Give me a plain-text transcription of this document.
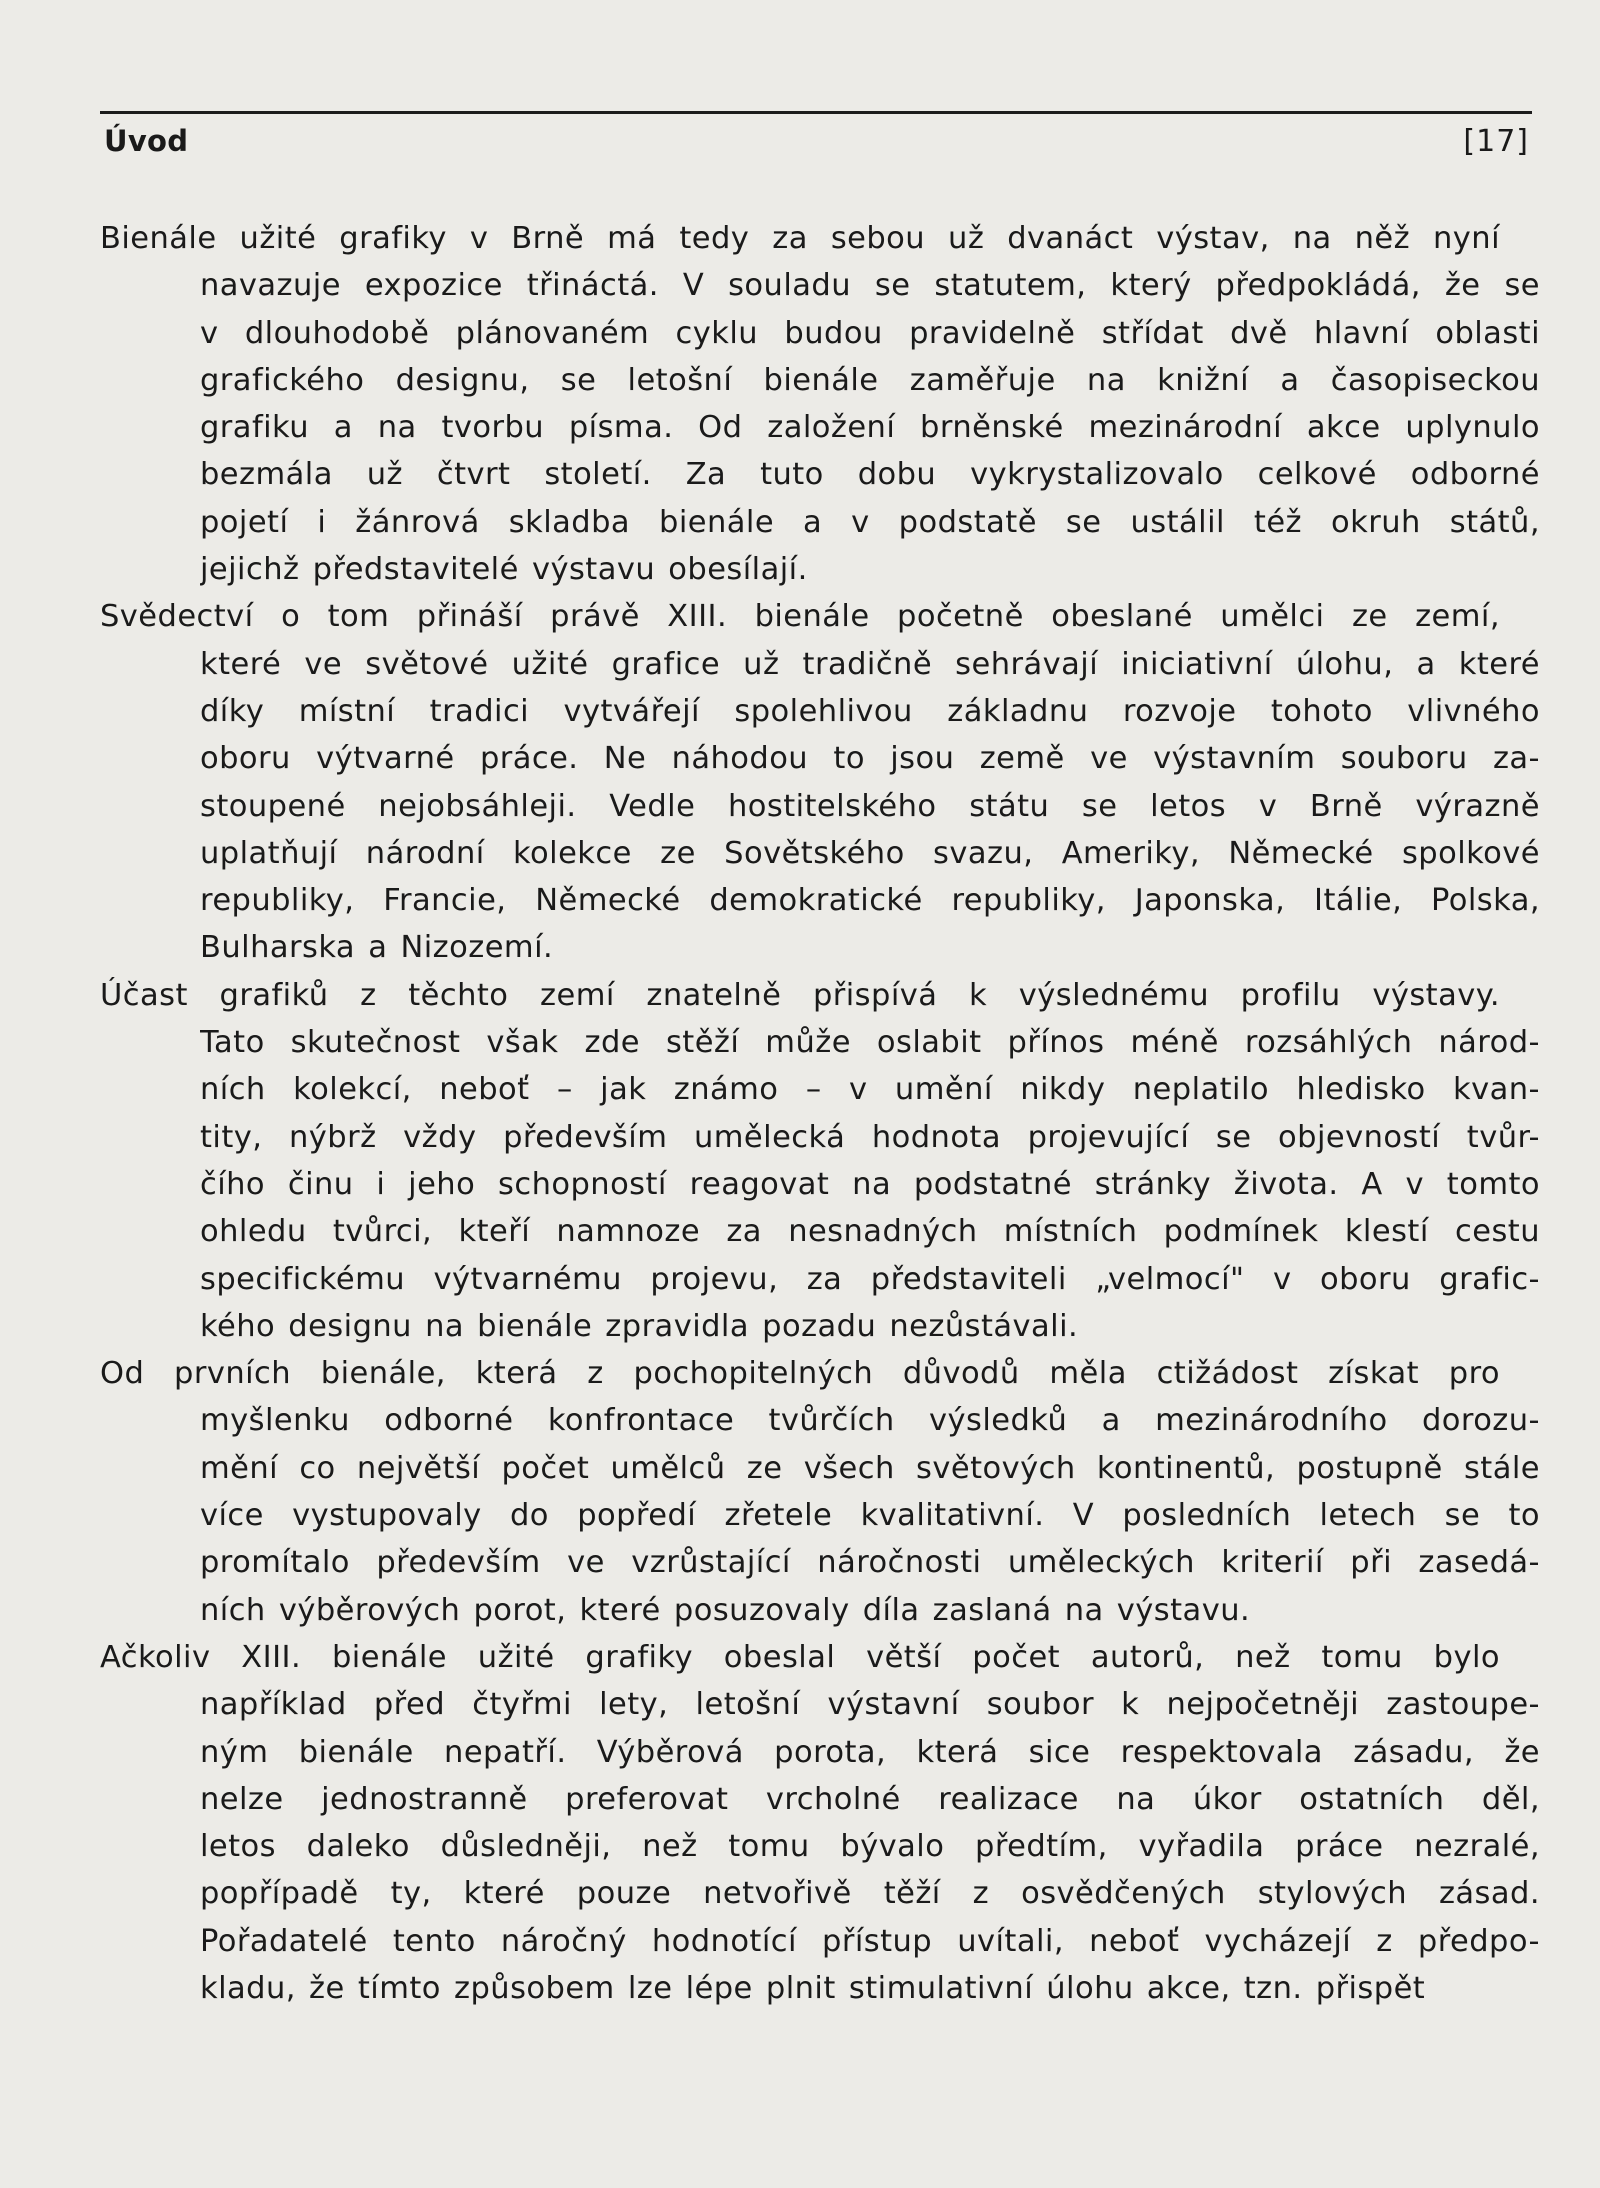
Úvod	[17]
Bienále užité grafiky v Brně má tedy za sebou už dvanáct výstav, na něž nyní
navazuje expozice třináctá. V souladu se statutem, který předpokládá, že se
v dlouhodobě plánovaném cyklu budou pravidelně střídat dvě hlavní oblasti
grafického designu, se letošní bienále zaměřuje na knižní a časopiseckou
grafiku a na tvorbu písma. Od založení brněnské mezinárodní akce uplynulo
bezmála už čtvrt století. Za tuto dobu vykrystalizovalo celkové odborné
pojetí i žánrová skladba bienále a v podstatě se ustálil též okruh států,
jejichž představitelé výstavu obesílají.
Svědectví o tom přináší právě XIII. bienále početně obeslané umělci ze zemí,
které ve světové užité grafice už tradičně sehrávají iniciativní úlohu, a které
díky místní tradici vytvářejí spolehlivou základnu rozvoje tohoto vlivného
oboru výtvarné práce. Ne náhodou to jsou země ve výstavním souboru za-
stoupené nejobsáhleji. Vedle hostitelského státu se letos v Brně výrazně
uplatňují národní kolekce ze Sovětského svazu, Ameriky, Německé spolkové
republiky, Francie, Německé demokratické republiky, Japonska, Itálie, Polska,
Bulharska a Nizozemí.
Účast grafiků z těchto zemí znatelně přispívá k výslednému profilu výstavy.
Tato skutečnost však zde stěží může oslabit přínos méně rozsáhlých národ-
ních kolekcí, neboť – jak známo – v umění nikdy neplatilo hledisko kvan-
tity, nýbrž vždy především umělecká hodnota projevující se objevností tvůr-
čího činu i jeho schopností reagovat na podstatné stránky života. A v tomto
ohledu tvůrci, kteří namnoze za nesnadných místních podmínek klestí cestu
specifickému výtvarnému projevu, za představiteli „velmocí" v oboru grafic-
kého designu na bienále zpravidla pozadu nezůstávali.
Od prvních bienále, která z pochopitelných důvodů měla ctižádost získat pro
myšlenku odborné konfrontace tvůrčích výsledků a mezinárodního dorozu-
mění co největší počet umělců ze všech světových kontinentů, postupně stále
více vystupovaly do popředí zřetele kvalitativní. V posledních letech se to
promítalo především ve vzrůstající náročnosti uměleckých kriterií při zasedá-
ních výběrových porot, které posuzovaly díla zaslaná na výstavu.
Ačkoliv XIII. bienále užité grafiky obeslal větší počet autorů, než tomu bylo
například před čtyřmi lety, letošní výstavní soubor k nejpočetněji zastoupe-
ným bienále nepatří. Výběrová porota, která sice respektovala zásadu, že
nelze jednostranně preferovat vrcholné realizace na úkor ostatních děl,
letos daleko důsledněji, než tomu bývalo předtím, vyřadila práce nezralé,
popřípadě ty, které pouze netvořivě těží z osvědčených stylových zásad.
Pořadatelé tento náročný hodnotící přístup uvítali, neboť vycházejí z předpo-
kladu, že tímto způsobem lze lépe plnit stimulativní úlohu akce, tzn. přispět
